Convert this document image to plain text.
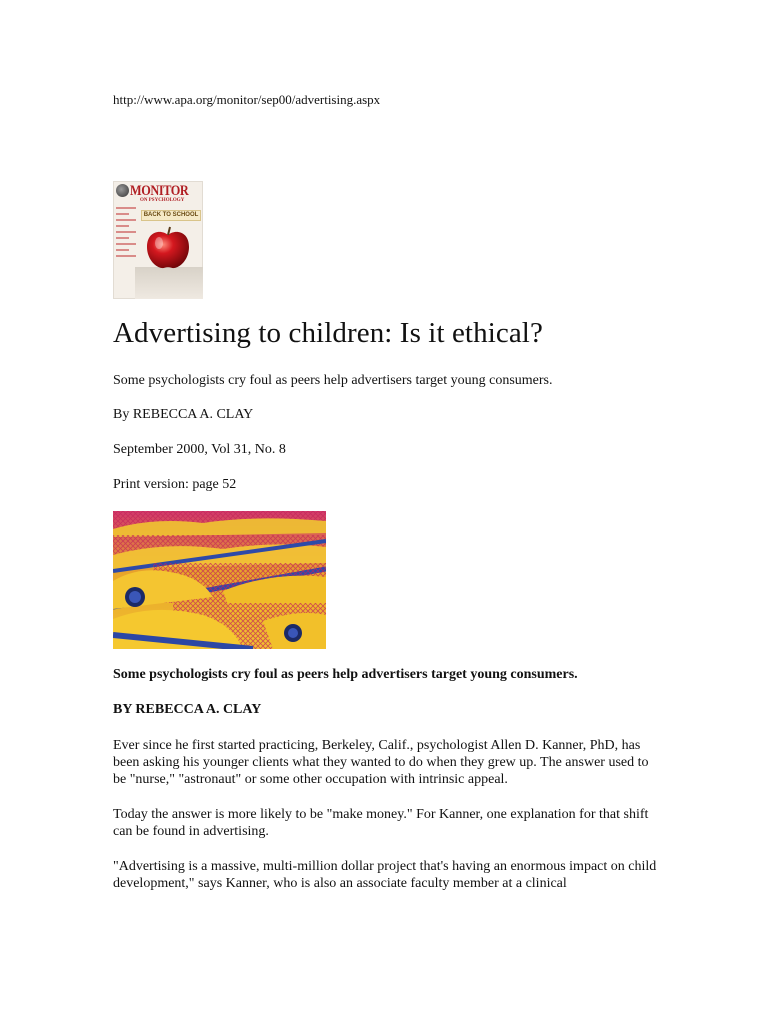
http://www.apa.org/monitor/sep00/advertising.aspx
MONITOR
ON PSYCHOLOGY
BACK TO SCHOOL
Advertising to children: Is it ethical?

Some psychologists cry foul as peers help advertisers target young consumers.

By REBECCA A. CLAY

September 2000, Vol 31, No. 8

Print version: page 52

Some psychologists cry foul as peers help advertisers target young consumers.

BY REBECCA A. CLAY

Ever since he first started practicing, Berkeley, Calif., psychologist Allen D. Kanner, PhD, has been asking his younger clients what they wanted to do when they grew up. The answer used to be "nurse," "astronaut" or some other occupation with intrinsic appeal.

Today the answer is more likely to be "make money." For Kanner, one explanation for that shift can be found in advertising.

"Advertising is a massive, multi-million dollar project that's having an enormous impact on child development," says Kanner, who is also an associate faculty member at a clinical
